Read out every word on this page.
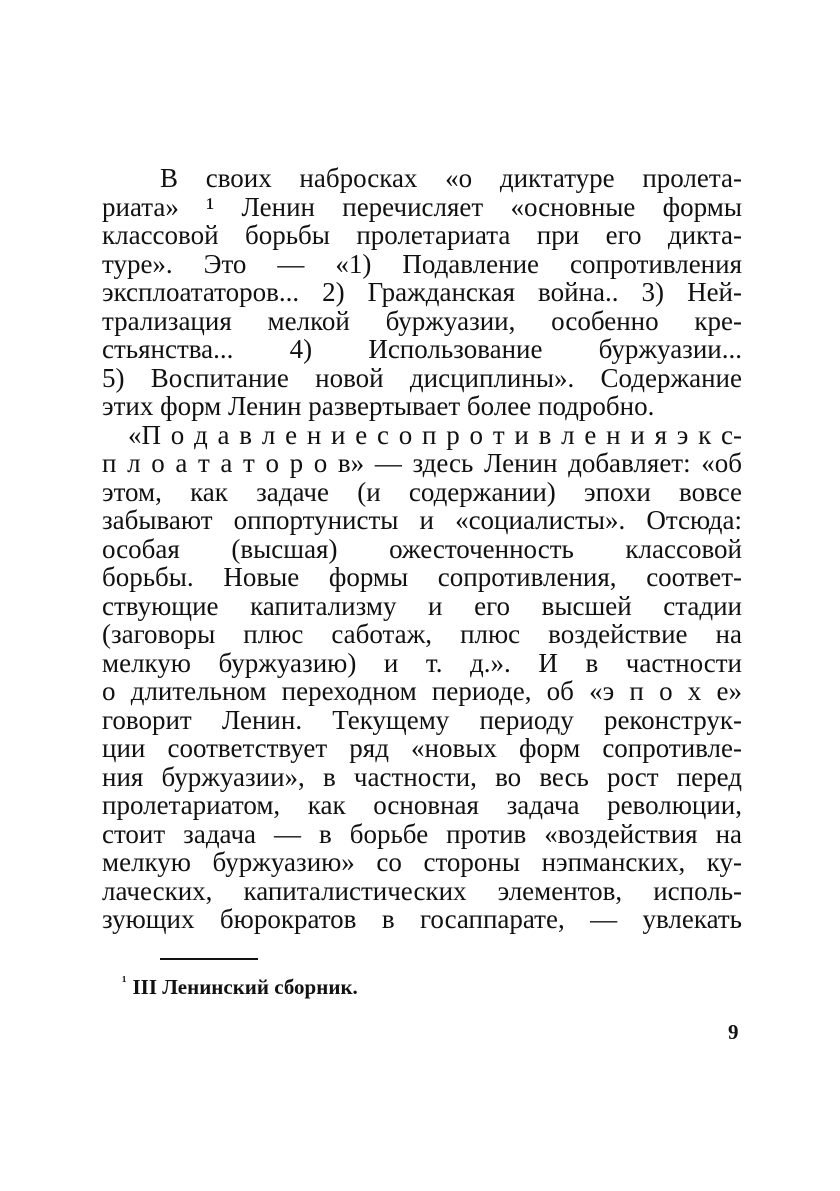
В своих набросках «о диктатуре пролета-
риата» ¹ Ленин перечисляет «основные формы
классовой борьбы пролетариата при его дикта-
туре». Это — «1) Подавление сопротивления
эксплоататоров... 2) Гражданская война.. 3) Ней-
трализация мелкой буржуазии, особенно кре-
стьянства... 4) Использование буржуазии...
5) Воспитание новой дисциплины». Содержание
этих форм Ленин развертывает более подробно.
«П о д а в л е н и е с о п р о т и в л е н и я э к с-
п л о а т а т о р о в» — здесь Ленин добавляет: «об
этом, как задаче (и содержании) эпохи вовсе
забывают оппортунисты и «социалисты». Отсюда:
особая (высшая) ожесточенность классовой
борьбы. Новые формы сопротивления, соответ-
ствующие капитализму и его высшей стадии
(заговоры плюс саботаж, плюс воздействие на
мелкую буржуазию) и т. д.». И в частности
о длительном переходном периоде, об «э п о х е»
говорит Ленин. Текущему периоду реконструк-
ции соответствует ряд «новых форм сопротивле-
ния буржуазии», в частности, во весь рост перед
пролетариатом, как основная задача революции,
стоит задача — в борьбе против «воздействия на
мелкую буржуазию» со стороны нэпманских, ку-
лаческих, капиталистических элементов, исполь-
зующих бюрократов в госаппарате, — увлекать
$^{^1}$ III Ленинский сборник.
9
